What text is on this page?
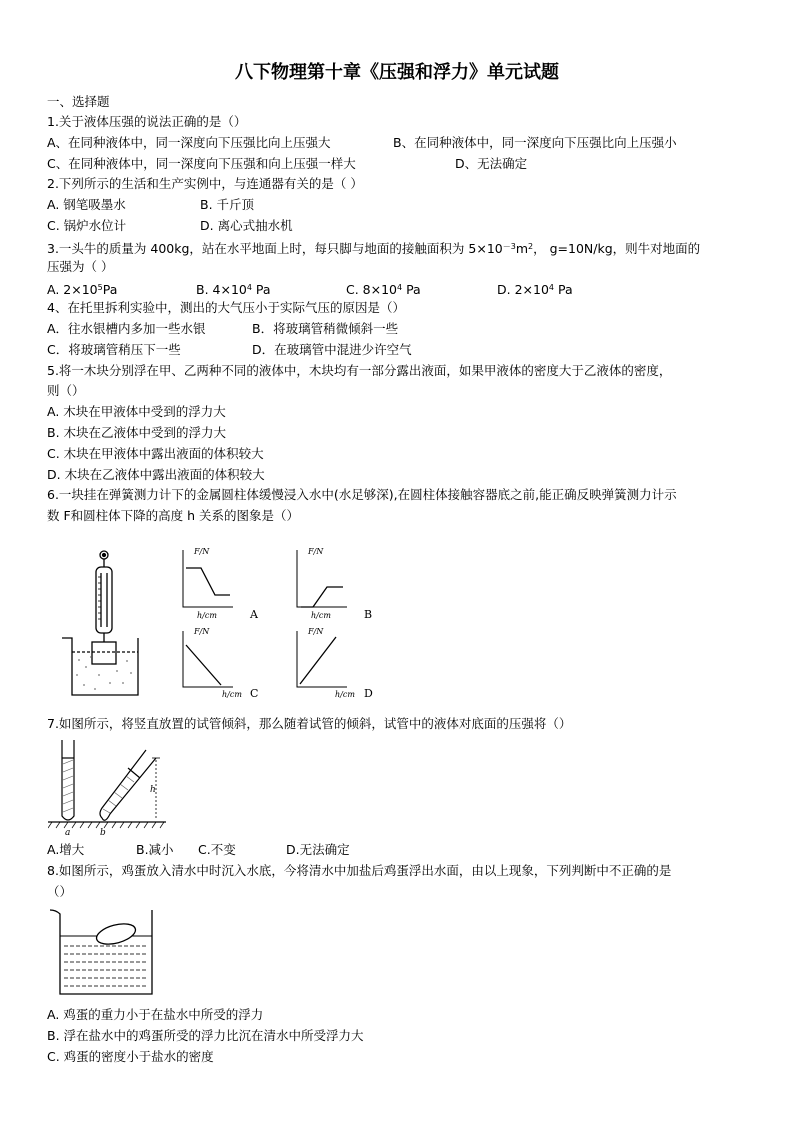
八下物理第十章《压强和浮力》单元试题
一、选择题
1.关于液体压强的说法正确的是（）
A、在同种液体中，同一深度向下压强比向上压强大	B、在同种液体中，同一深度向下压强比向上压强小
C、在同种液体中，同一深度向下压强和向上压强一样大	D、无法确定
2.下列所示的生活和生产实例中，与连通器有关的是（ ）
A. 钢笔吸墨水	B. 千斤顶
C. 锅炉水位计	D. 离心式抽水机
3.一头牛的质量为 400kg，站在水平地面上时，每只脚与地面的接触面积为 $5\times 10^{-3}m^2$， g=10N/kg，则牛对地面的
压强为（ ）
A. $2\times 10^5Pa$	B. $4\times 10^4$ Pa	C. $8\times 10^4$ Pa	D. $2\times 10^4$ Pa
4、在托里拆利实验中，测出的大气压小于实际气压的原因是（）
A．往水银槽内多加一些水银	B．将玻璃管稍微倾斜一些
C．将玻璃管稍压下一些	D．在玻璃管中混进少许空气
5.将一木块分别浮在甲、乙两种不同的液体中，木块均有一部分露出液面，如果甲液体的密度大于乙液体的密度，
则（）
A. 木块在甲液体中受到的浮力大
B. 木块在乙液体中受到的浮力大
C. 木块在甲液体中露出液面的体积较大
D. 木块在乙液体中露出液面的体积较大
6.一块挂在弹簧测力计下的金属圆柱体缓慢浸入水中(水足够深),在圆柱体接触容器底之前,能正确反映弹簧测力计示
数 F和圆柱体下降的高度 h 关系的图象是（）
F/N
h/cm	A
F/N
h/cm	B
F/N
h/cm C
F/N
h/cm D
7.如图所示，将竖直放置的试管倾斜，那么随着试管的倾斜，试管中的液体对底面的压强将（）
a	b
h
A.增大	B.减小 C.不变	D.无法确定
8.如图所示，鸡蛋放入清水中时沉入水底，今将清水中加盐后鸡蛋浮出水面，由以上现象，下列判断中不正确的是
（）
A. 鸡蛋的重力小于在盐水中所受的浮力
B. 浮在盐水中的鸡蛋所受的浮力比沉在清水中所受浮力大
C. 鸡蛋的密度小于盐水的密度
